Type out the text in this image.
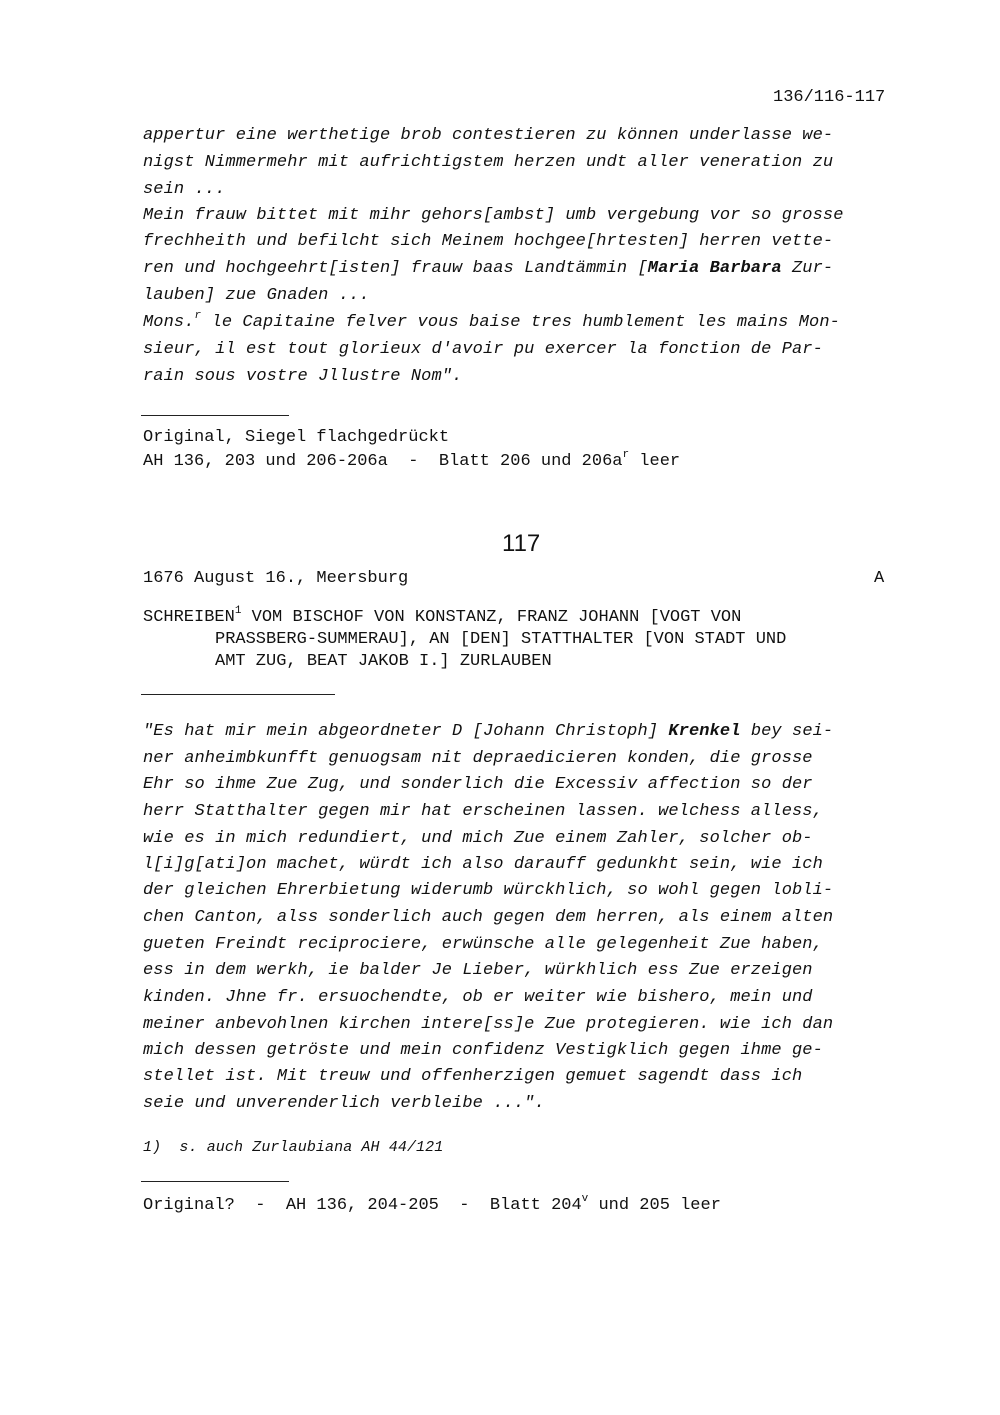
136/116-117
appertur eine werthetige brob contestieren zu können underlasse we-
nigst Nimmermehr mit aufrichtigstem herzen undt aller veneration zu
sein ...
Mein frauw bittet mit mihr gehors[ambst] umb vergebung vor so grosse
frechheith und befilcht sich Meinem hochgee[hrtesten] herren vette-
ren und hochgeehrt[isten] frauw baas Landtämmin [Maria Barbara Zur-
lauben] zue Gnaden ...
Mons.$^r$ le Capitaine felver vous baise tres humblement les mains Mon-
sieur, il est tout glorieux d'avoir pu exercer la fonction de Par-
rain sous vostre Jllustre Nom".
Original, Siegel flachgedrückt
AH 136, 203 und 206-206a  -  Blatt 206 und $206a^r$ leer
117
1676 August 16., Meersburg	A
SCHREIBEN$^1$ VOM BISCHOF VON KONSTANZ, FRANZ JOHANN [VOGT VON
PRASSBERG-SUMMERAU], AN [DEN] STATTHALTER [VON STADT UND
AMT ZUG, BEAT JAKOB I.] ZURLAUBEN
"Es hat mir mein abgeordneter D [Johann Christoph] Krenkel bey sei-
ner anheimbkunfft genuogsam nit depraedicieren konden, die grosse
Ehr so ihme Zue Zug, und sonderlich die Excessiv affection so der
herr Statthalter gegen mir hat erscheinen lassen. welchess alless,
wie es in mich redundiert, und mich Zue einem Zahler, solcher ob-
l[i]g[ati]on machet, würdt ich also darauff gedunkht sein, wie ich
der gleichen Ehrerbietung widerumb würckhlich, so wohl gegen lobli-
chen Canton, alss sonderlich auch gegen dem herren, als einem alten
gueten Freindt reciprociere, erwünsche alle gelegenheit Zue haben,
ess in dem werkh, ie balder Je Lieber, würkhlich ess Zue erzeigen
kinden. Jhne fr. ersuochendte, ob er weiter wie bishero, mein und
meiner anbevohlnen kirchen intere[ss]e Zue protegieren. wie ich dan
mich dessen getröste und mein confidenz Vestigklich gegen ihme ge-
stellet ist. Mit treuw und offenherzigen gemuet sagendt dass ich
seie und unverenderlich verbleibe ...".
1)  s. auch Zurlaubiana AH 44/121
Original?  -  AH 136, 204-205  -  Blatt 204$^v$ und 205 leer
